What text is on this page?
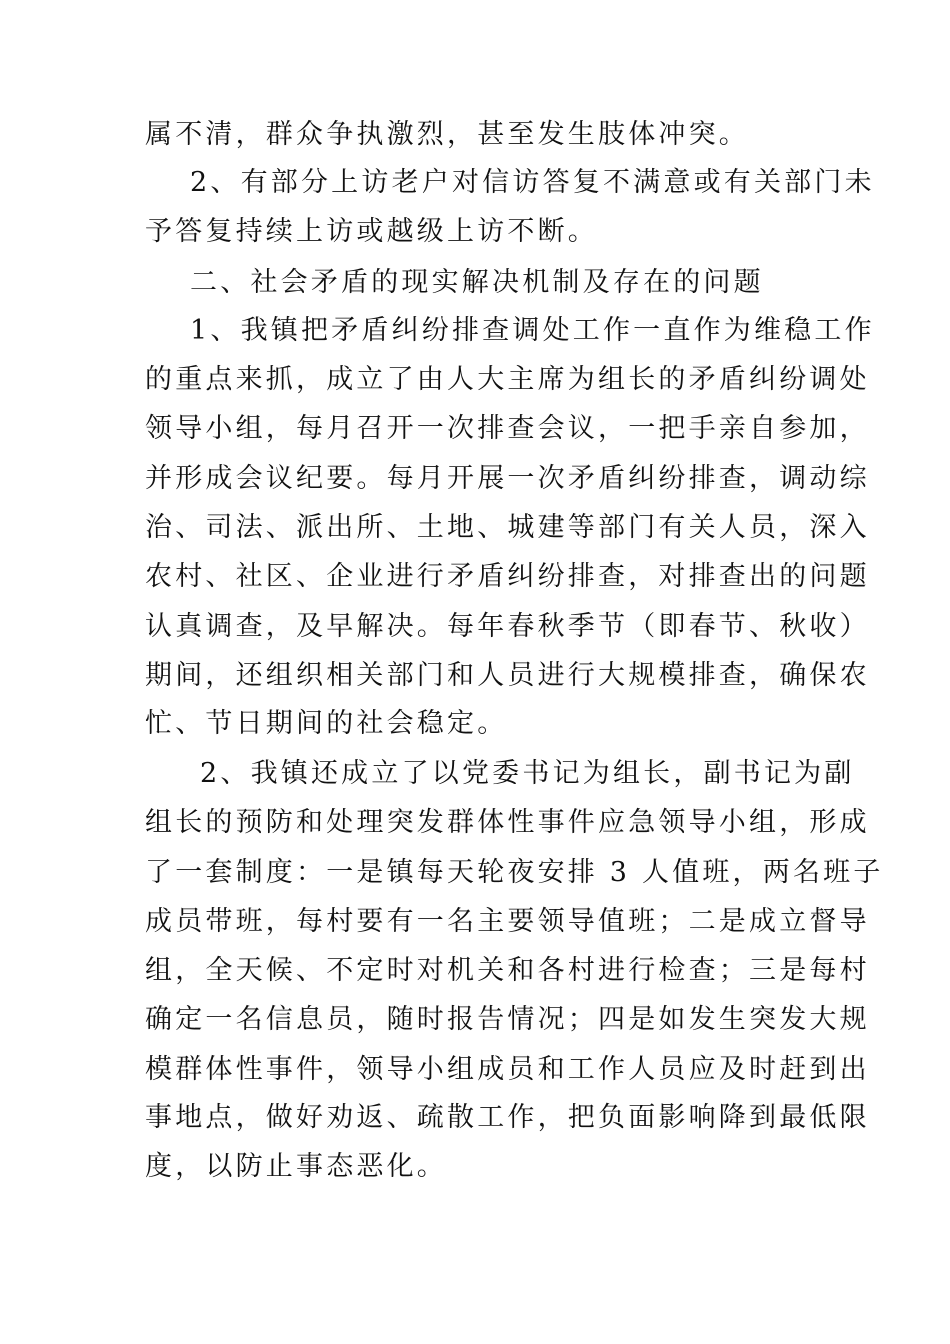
属不清，群众争执激烈，甚至发生肢体冲突。
2、有部分上访老户对信访答复不满意或有关部门未
予答复持续上访或越级上访不断。
二、社会矛盾的现实解决机制及存在的问题
1、我镇把矛盾纠纷排查调处工作一直作为维稳工作
的重点来抓，成立了由人大主席为组长的矛盾纠纷调处
领导小组，每月召开一次排查会议，一把手亲自参加，
并形成会议纪要。每月开展一次矛盾纠纷排查，调动综
治、司法、派出所、土地、城建等部门有关人员，深入
农村、社区、企业进行矛盾纠纷排查，对排查出的问题
认真调查，及早解决。每年春秋季节（即春节、秋收）
期间，还组织相关部门和人员进行大规模排查，确保农
忙、节日期间的社会稳定。
2、我镇还成立了以党委书记为组长，副书记为副
组长的预防和处理突发群体性事件应急领导小组，形成
了一套制度：一是镇每天轮夜安排 3 人值班，两名班子
成员带班，每村要有一名主要领导值班；二是成立督导
组，全天候、不定时对机关和各村进行检查；三是每村
确定一名信息员，随时报告情况；四是如发生突发大规
模群体性事件，领导小组成员和工作人员应及时赶到出
事地点，做好劝返、疏散工作，把负面影响降到最低限
度，以防止事态恶化。
